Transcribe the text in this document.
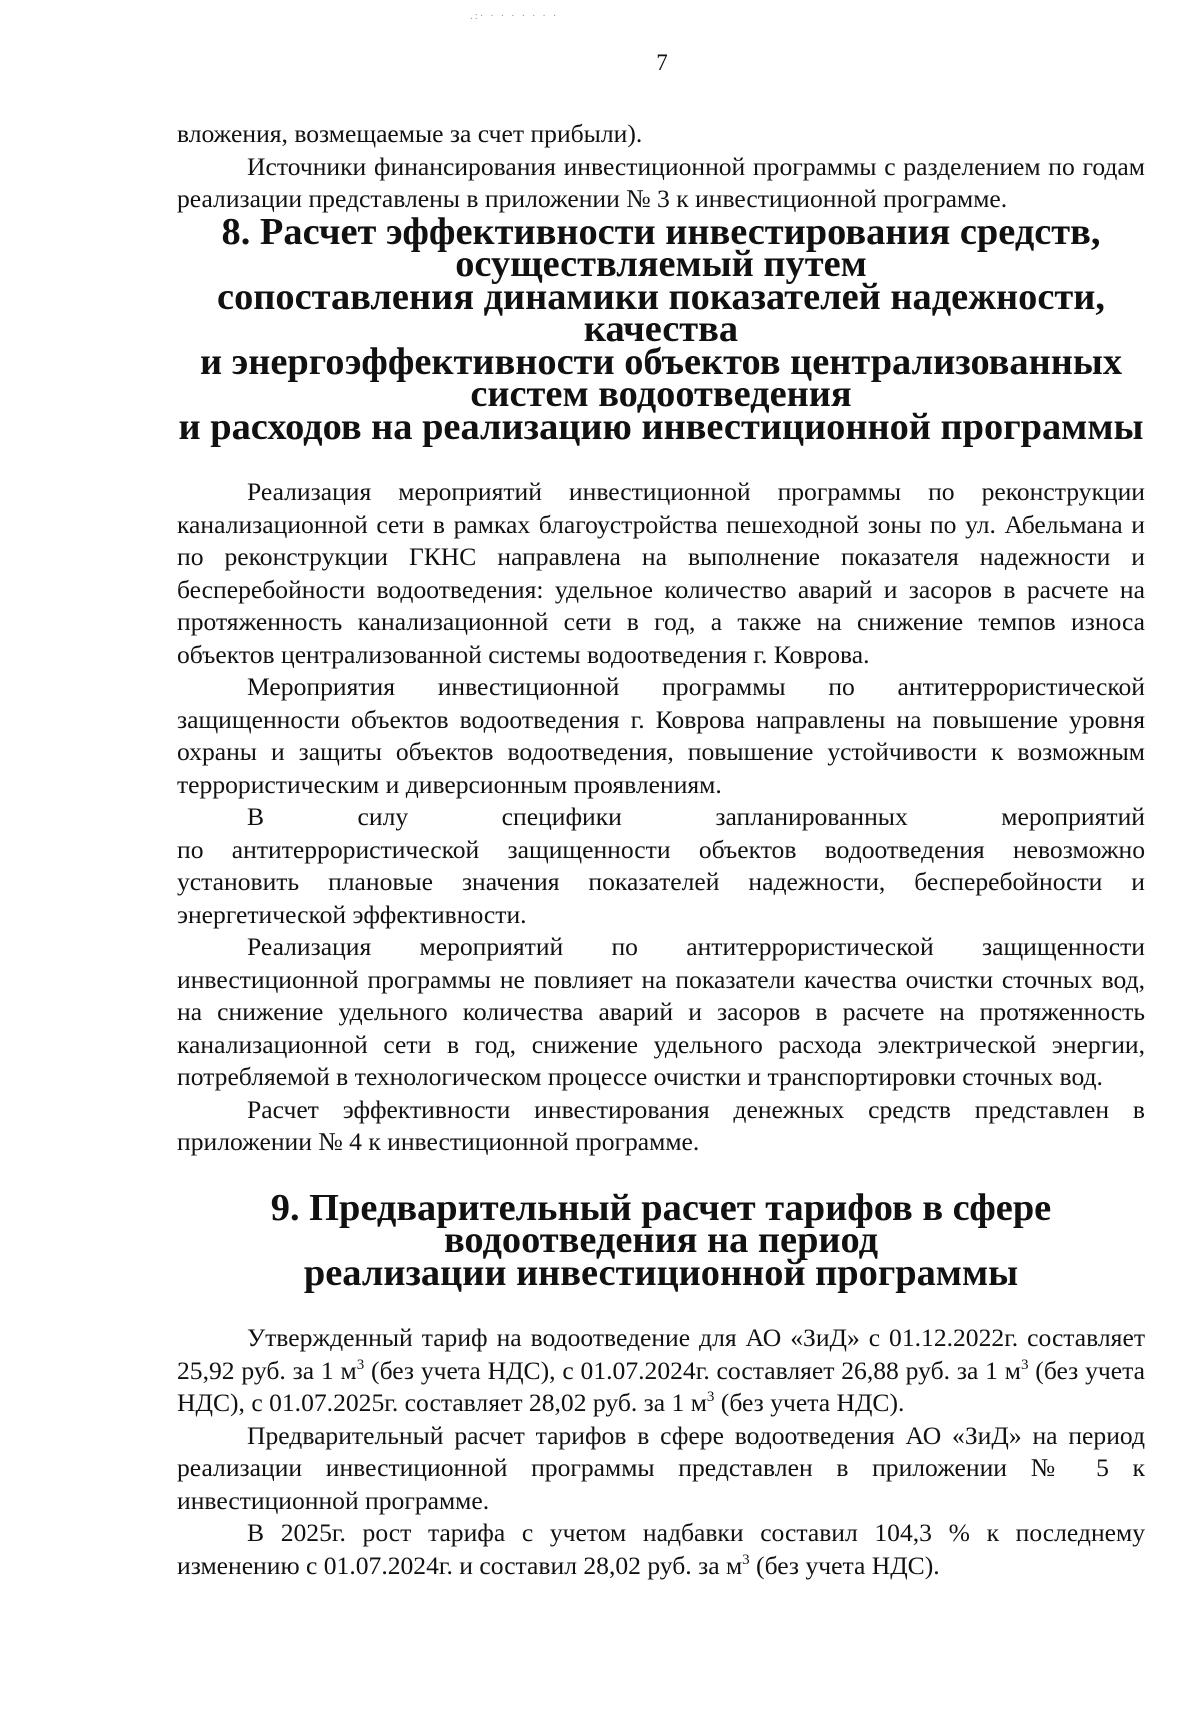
.:· · · · · · · ·
7

вложения, возмещаемые за счет прибыли).

Источники финансирования инвестиционной программы с разделением по годам реализации представлены в приложении № 3 к инвестиционной программе.

8. Расчет эффективности инвестирования средств, осуществляемый путем
сопоставления динамики показателей надежности, качества
и энергоэффективности объектов централизованных систем водоотведения
и расходов на реализацию инвестиционной программы

Реализация мероприятий инвестиционной программы по реконструкции канализационной сети в рамках благоустройства пешеходной зоны по ул. Абельмана и по реконструкции ГКНС направлена на выполнение показателя надежности и бесперебойности водоотведения: удельное количество аварий и засоров в расчете на протяженность канализационной сети в год, а также на снижение темпов износа объектов централизованной системы водоотведения г. Коврова.

Мероприятия инвестиционной программы по антитеррористической защищенности объектов водоотведения г. Коврова направлены на повышение уровня охраны и защиты объектов водоотведения, повышение устойчивости к возможным террористическим и диверсионным проявлениям.

В	силу	специфики	запланированных	мероприятий

по антитеррористической защищенности объектов водоотведения невозможно установить плановые значения показателей надежности, бесперебойности и энергетической эффективности.

Реализация мероприятий по антитеррористической защищенности инвестиционной программы не повлияет на показатели качества очистки сточных вод, на снижение удельного количества аварий и засоров в расчете на протяженность канализационной сети в год, снижение удельного расхода электрической энергии, потребляемой в технологическом процессе очистки и транспортировки сточных вод.

Расчет эффективности инвестирования денежных средств представлен в приложении № 4 к инвестиционной программе.

9. Предварительный расчет тарифов в сфере водоотведения на период
реализации инвестиционной программы

Утвержденный тариф на водоотведение для АО «ЗиД» с 01.12.2022г. составляет 25,92 руб. за 1 $м^3$ (без учета НДС), с 01.07.2024г. составляет 26,88 руб. за 1 $м^3$ (без учета НДС), с 01.07.2025г. составляет 28,02 руб. за 1 $м^3$ (без учета НДС).

Предварительный расчет тарифов в сфере водоотведения АО «ЗиД» на период реализации инвестиционной программы представлен в приложении № 5 к инвестиционной программе.

В 2025г. рост тарифа с учетом надбавки составил 104,3 % к последнему изменению с 01.07.2024г. и составил 28,02 руб. за $м^3$ (без учета НДС).
